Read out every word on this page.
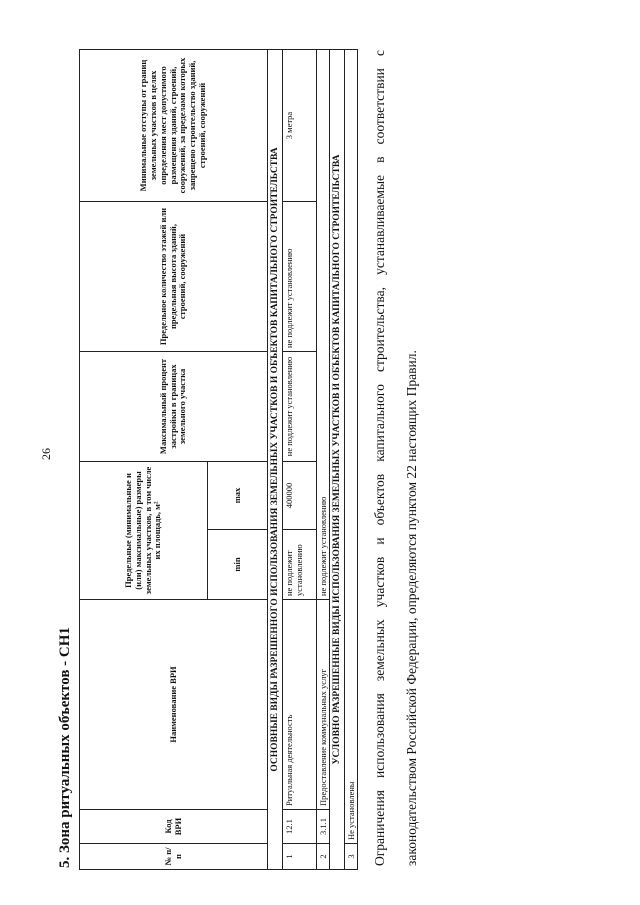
26
5. Зона ритуальных объектов - СН1	№ п/п	Код ВРИ	Наименование ВРИ	Предельные (минимальные и (или) максимальные) размеры земельных участков, в том числе их площадь, м²		Максимальный процент застройки в границах земельного участка	Предельное количество этажей или предельная высота зданий, строений, сооружений	Минимальные отступы от границ земельных участков в целях определения мест допустимого размещения зданий, строений, сооружений, за пределами которых запрещено строительство зданий, строений, сооружений
			min	max			
ОСНОВНЫЕ ВИДЫ РАЗРЕШЕННОГО ИСПОЛЬЗОВАНИЯ ЗЕМЕЛЬНЫХ УЧАСТКОВ И ОБЪЕКТОВ КАПИТАЛЬНОГО СТРОИТЕЛЬСТВА							
1	12.1	Ритуальная деятельность	не подлежит установлению	400000	не подлежит установлению	не подлежит установлению	3 метра
2	3.1.1	Предоставление коммунальных услуг	не подлежит установлению				
УСЛОВНО РАЗРЕШЕННЫЕ ВИДЫ ИСПОЛЬЗОВАНИЯ ЗЕМЕЛЬНЫХ УЧАСТКОВ И ОБЪЕКТОВ КАПИТАЛЬНОГО СТРОИТЕЛЬСТВА							
3	Не установлены							Ограничения использования земельных участков и объектов капитального строительства, устанавливаемые в соответствии с законодательством Российской Федерации, определяются пунктом 22 настоящих Правил.
